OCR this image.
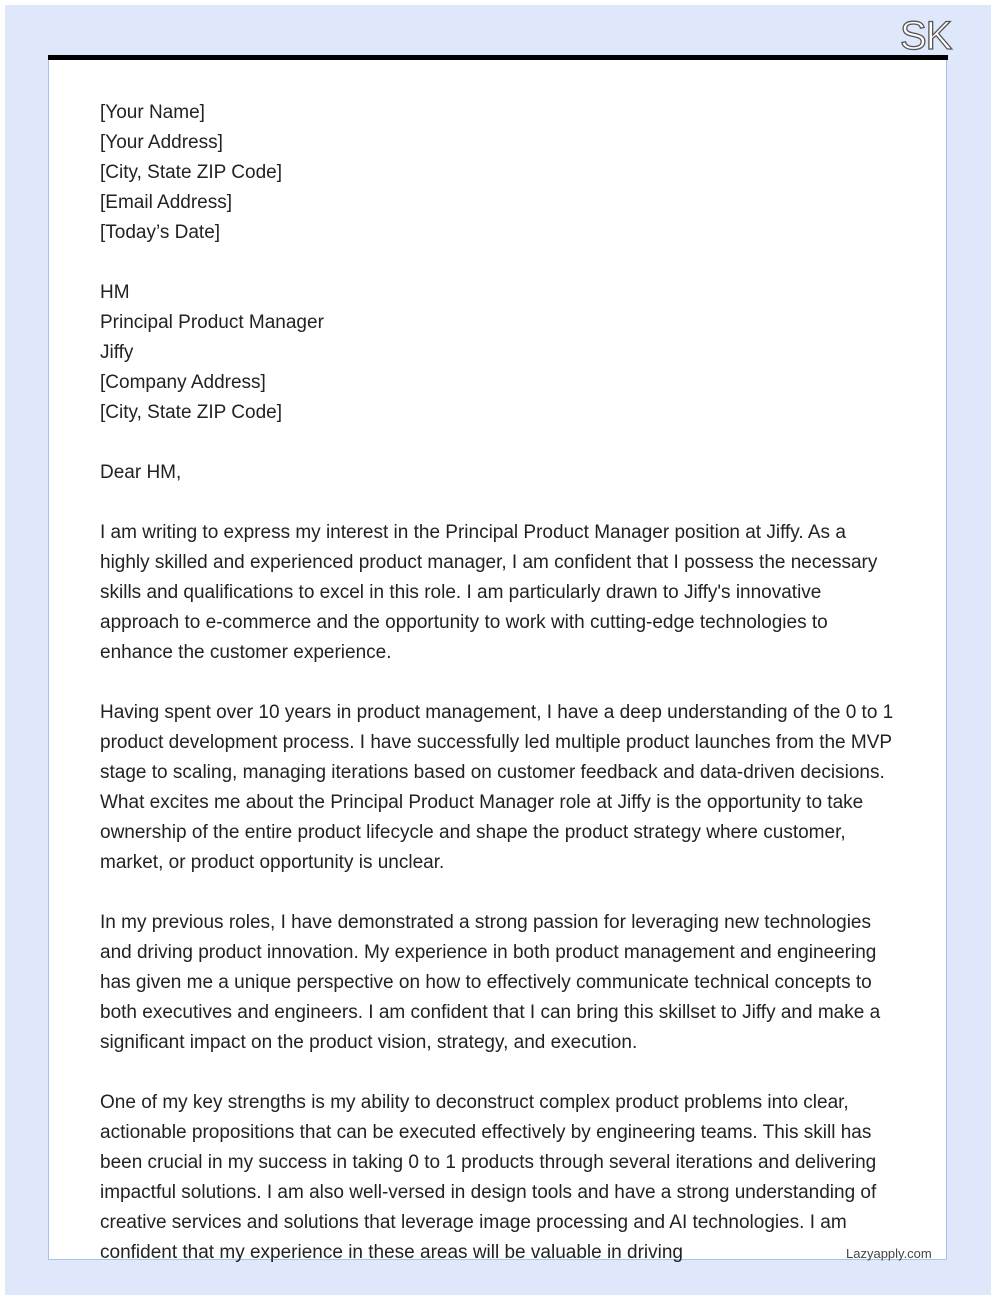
SK

[Your Name]
[Your Address]
[City, State ZIP Code]
[Email Address]
[Today’s Date]

HM
Principal Product Manager
Jiffy
[Company Address]
[City, State ZIP Code]

Dear HM,

I am writing to express my interest in the Principal Product Manager position at Jiffy. As a highly skilled and experienced product manager, I am confident that I possess the necessary skills and qualifications to excel in this role. I am particularly drawn to Jiffy's innovative approach to e-commerce and the opportunity to work with cutting-edge technologies to enhance the customer experience.

Having spent over 10 years in product management, I have a deep understanding of the 0 to 1 product development process. I have successfully led multiple product launches from the MVP stage to scaling, managing iterations based on customer feedback and data-driven decisions. What excites me about the Principal Product Manager role at Jiffy is the opportunity to take ownership of the entire product lifecycle and shape the product strategy where customer, market, or product opportunity is unclear.

In my previous roles, I have demonstrated a strong passion for leveraging new technologies and driving product innovation. My experience in both product management and engineering has given me a unique perspective on how to effectively communicate technical concepts to both executives and engineers. I am confident that I can bring this skillset to Jiffy and make a significant impact on the product vision, strategy, and execution.

One of my key strengths is my ability to deconstruct complex product problems into clear, actionable propositions that can be executed effectively by engineering teams. This skill has been crucial in my success in taking 0 to 1 products through several iterations and delivering impactful solutions. I am also well-versed in design tools and have a strong understanding of creative services and solutions that leverage image processing and AI technologies. I am confident that my experience in these areas will be valuable in driving	Lazyapply.com
